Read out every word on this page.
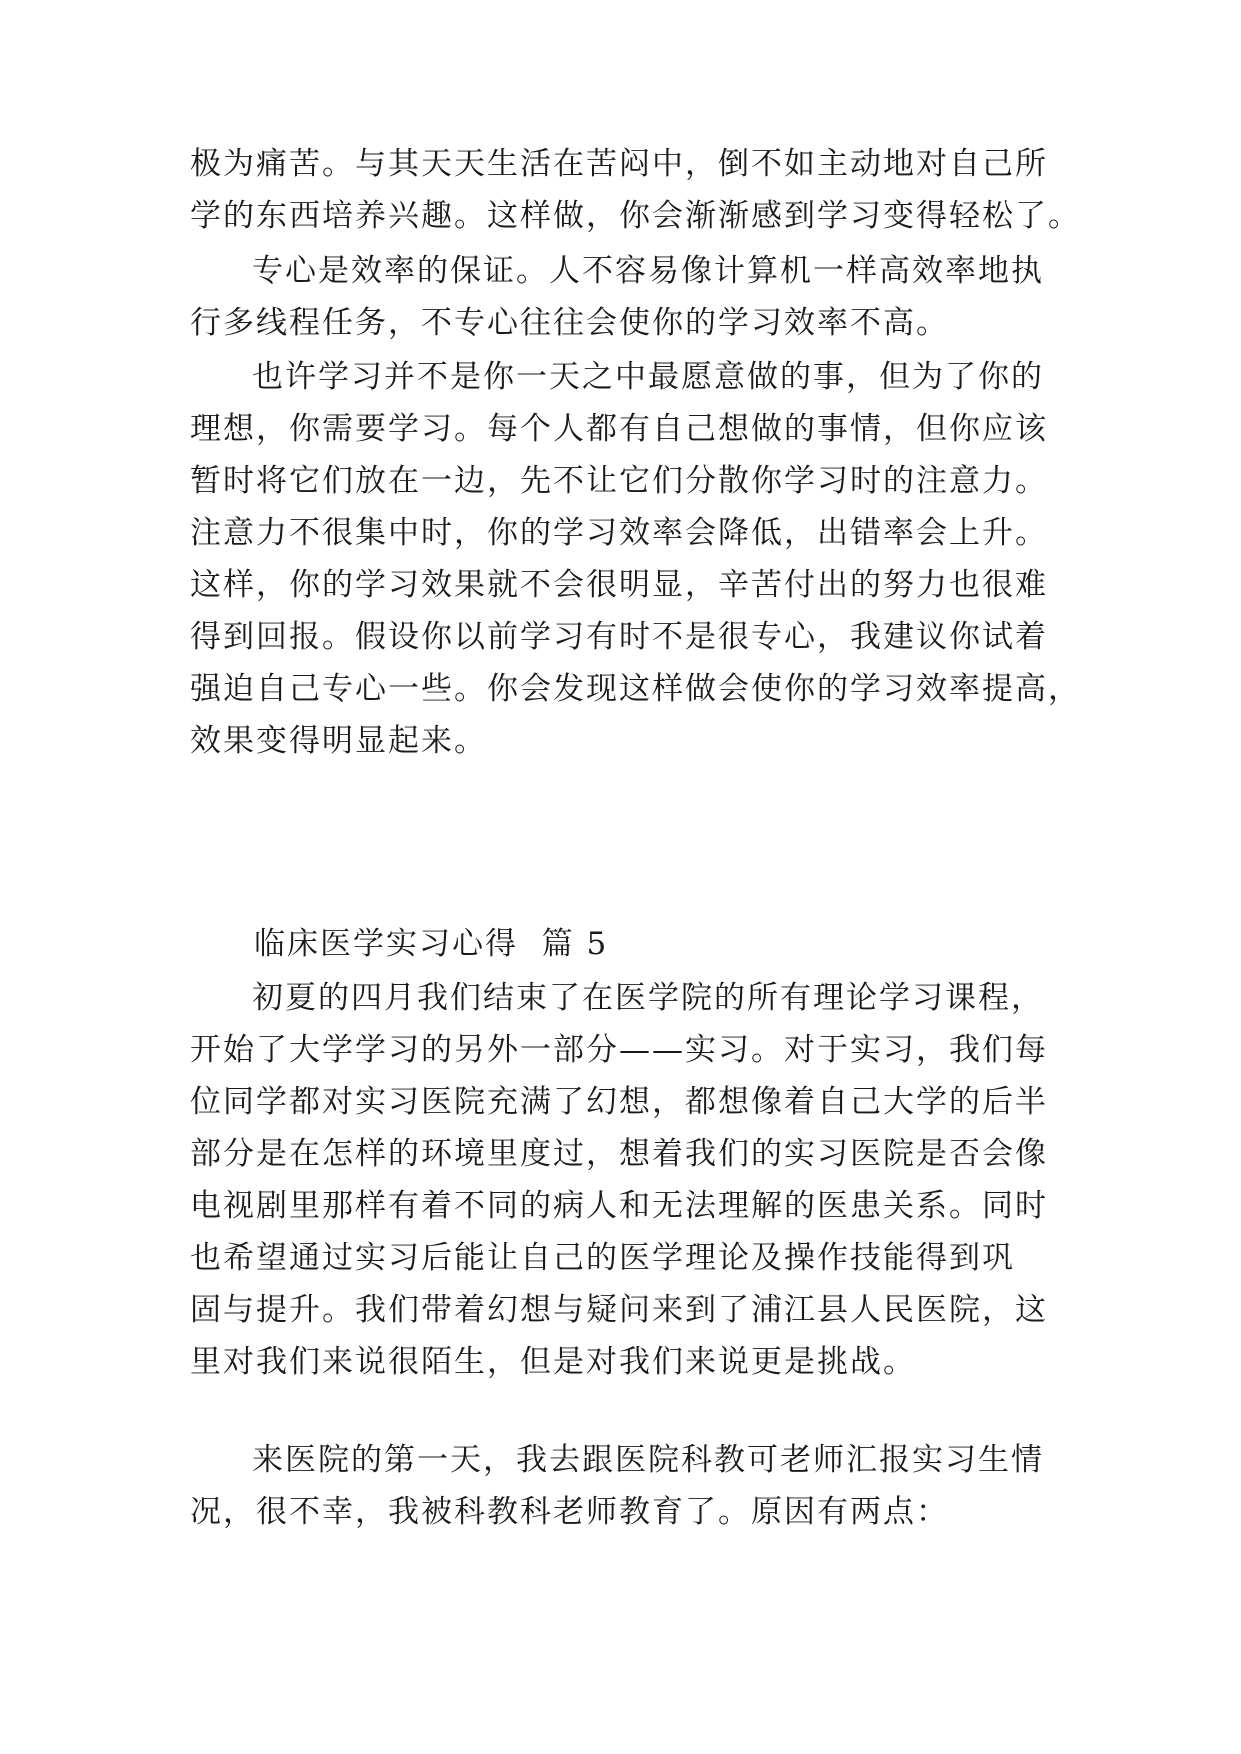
极为痛苦。与其天天生活在苦闷中，倒不如主动地对自己所
学的东西培养兴趣。这样做，你会渐渐感到学习变得轻松了。
专心是效率的保证。人不容易像计算机一样高效率地执
行多线程任务，不专心往往会使你的学习效率不高。
也许学习并不是你一天之中最愿意做的事，但为了你的
理想，你需要学习。每个人都有自己想做的事情，但你应该
暂时将它们放在一边，先不让它们分散你学习时的注意力。
注意力不很集中时，你的学习效率会降低，出错率会上升。
这样，你的学习效果就不会很明显，辛苦付出的努力也很难
得到回报。假设你以前学习有时不是很专心，我建议你试着
强迫自己专心一些。你会发现这样做会使你的学习效率提高，
效果变得明显起来。
临床医学实习心得  篇 5
初夏的四月我们结束了在医学院的所有理论学习课程，
开始了大学学习的另外一部分——实习。对于实习，我们每
位同学都对实习医院充满了幻想，都想像着自己大学的后半
部分是在怎样的环境里度过，想着我们的实习医院是否会像
电视剧里那样有着不同的病人和无法理解的医患关系。同时
也希望通过实习后能让自己的医学理论及操作技能得到巩
固与提升。我们带着幻想与疑问来到了浦江县人民医院，这
里对我们来说很陌生，但是对我们来说更是挑战。
来医院的第一天，我去跟医院科教可老师汇报实习生情
况，很不幸，我被科教科老师教育了。原因有两点：
